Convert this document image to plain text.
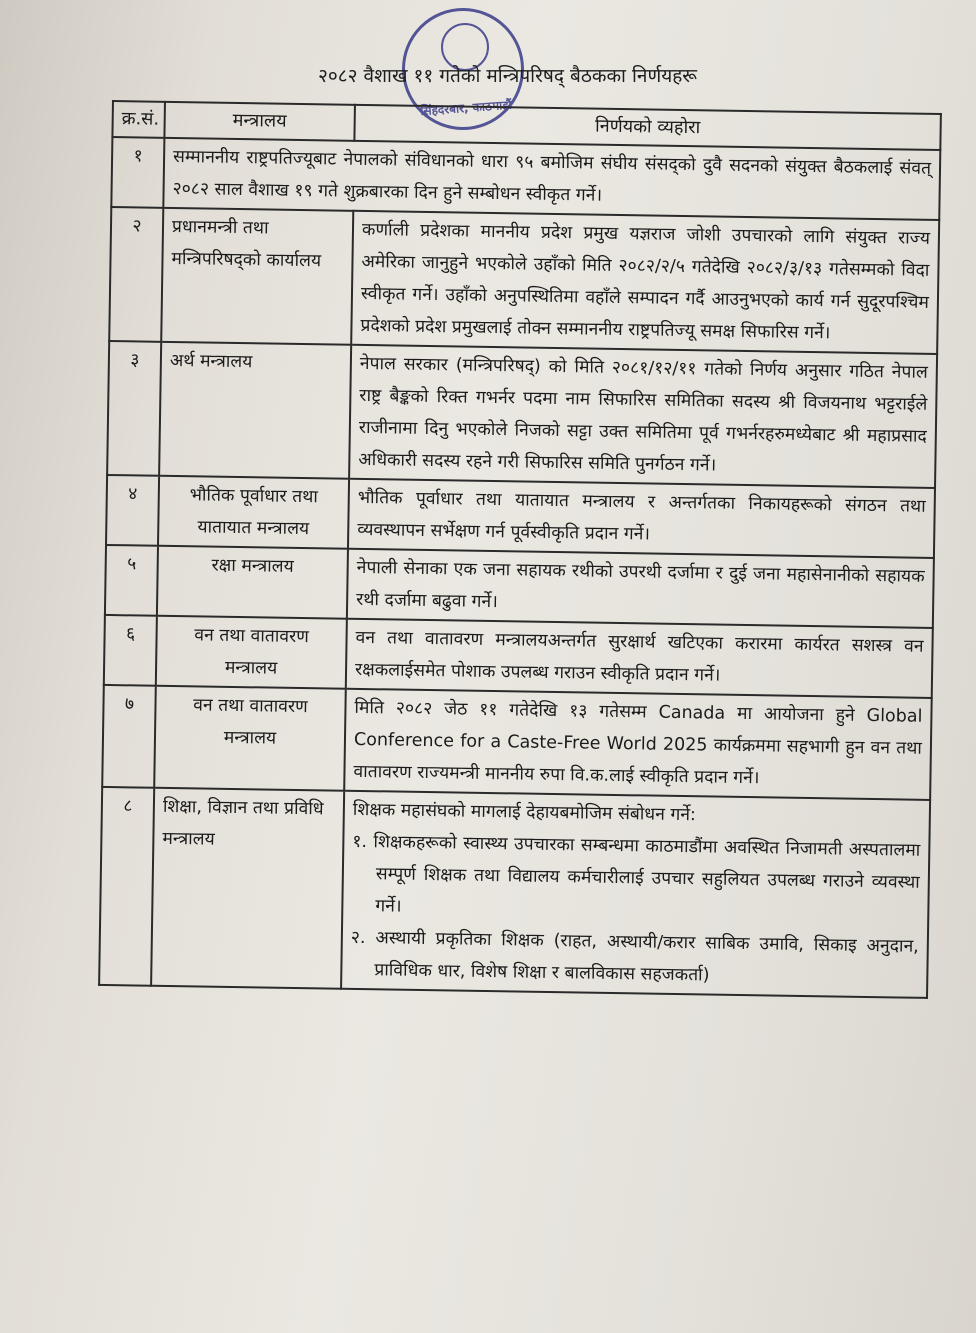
सिंहदरबार, काठमाडौं
२०८२ वैशाख ११ गतेको मन्त्रिपरिषद् बैठकका निर्णयहरू
क्र.सं.	मन्त्रालय	निर्णयको व्यहोरा
१	सम्माननीय राष्ट्रपतिज्यूबाट नेपालको संविधानको धारा ९५ बमोजिम संघीय संसद्को दुवै सदनको संयुक्त बैठकलाई संवत् २०८२ साल वैशाख १९ गते शुक्रबारका दिन हुने सम्बोधन स्वीकृत गर्ने।	
२	प्रधानमन्त्री तथा मन्त्रिपरिषद्को कार्यालय	कर्णाली प्रदेशका माननीय प्रदेश प्रमुख यज्ञराज जोशी उपचारको लागि संयुक्त राज्य अमेरिका जानुहुने भएकोले उहाँको मिति २०८२/२/५ गतेदेखि २०८२/३/१३ गतेसम्मको विदा स्वीकृत गर्ने। उहाँको अनुपस्थितिमा वहाँले सम्पादन गर्दै आउनुभएको कार्य गर्न सुदूरपश्चिम प्रदेशको प्रदेश प्रमुखलाई तोक्न सम्माननीय राष्ट्रपतिज्यू समक्ष सिफारिस गर्ने।
३	अर्थ मन्त्रालय	नेपाल सरकार (मन्त्रिपरिषद्) को मिति २०८१/१२/११ गतेको निर्णय अनुसार गठित नेपाल राष्ट्र बैङ्कको रिक्त गभर्नर पदमा नाम सिफारिस समितिका सदस्य श्री विजयनाथ भट्टराईले राजीनामा दिनु भएकोले निजको सट्टा उक्त समितिमा पूर्व गभर्नरहरुमध्येबाट श्री महाप्रसाद अधिकारी सदस्य रहने गरी सिफारिस समिति पुनर्गठन गर्ने।
४	भौतिक पूर्वाधार तथा यातायात मन्त्रालय	भौतिक पूर्वाधार तथा यातायात मन्त्रालय र अन्तर्गतका निकायहरूको संगठन तथा व्यवस्थापन सर्भेक्षण गर्न पूर्वस्वीकृति प्रदान गर्ने।
५	रक्षा मन्त्रालय	नेपाली सेनाका एक जना सहायक रथीको उपरथी दर्जामा र दुई जना महासेनानीको सहायक रथी दर्जामा बढुवा गर्ने।
६	वन तथा वातावरण मन्त्रालय	वन तथा वातावरण मन्त्रालयअन्तर्गत सुरक्षार्थ खटिएका करारमा कार्यरत सशस्त्र वन रक्षकलाईसमेत पोशाक उपलब्ध गराउन स्वीकृति प्रदान गर्ने।
७	वन तथा वातावरण मन्त्रालय	मिति २०८२ जेठ ११ गतेदेखि १३ गतेसम्म Canada मा आयोजना हुने Global Conference for a Caste-Free World 2025 कार्यक्रममा सहभागी हुन वन तथा वातावरण राज्यमन्त्री माननीय रुपा वि.क.लाई स्वीकृति प्रदान गर्ने।
८	शिक्षा, विज्ञान तथा प्रविधि मन्त्रालय	शिक्षक महासंघको मागलाई देहायबमोजिम संबोधन गर्ने:
१. शिक्षकहरूको स्वास्थ्य उपचारका सम्बन्धमा काठमाडौंमा अवस्थित निजामती अस्पतालमा सम्पूर्ण शिक्षक तथा विद्यालय कर्मचारीलाई उपचार सहुलियत उपलब्ध गराउने व्यवस्था गर्ने।
२. अस्थायी प्रकृतिका शिक्षक (राहत, अस्थायी/करार साबिक उमावि, सिकाइ अनुदान, प्राविधिक धार, विशेष शिक्षा र बालविकास सहजकर्ता)
